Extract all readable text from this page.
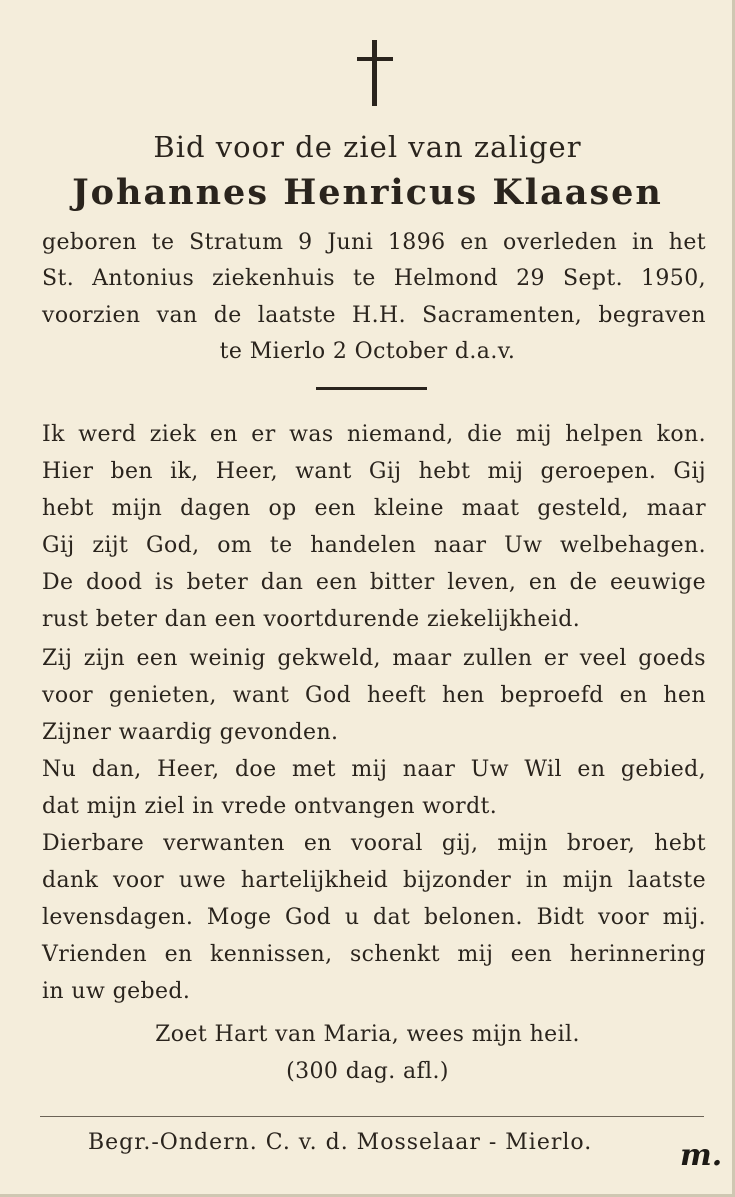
Bid voor de ziel van zaliger
Johannes Henricus Klaasen
geboren te Stratum 9 Juni 1896 en overleden in het
St. Antonius ziekenhuis te Helmond 29 Sept. 1950,
voorzien van de laatste H.H. Sacramenten, begraven
te Mierlo 2 October d.a.v.
Ik werd ziek en er was niemand, die mij helpen kon.
Hier ben ik, Heer, want Gij hebt mij geroepen. Gij
hebt mijn dagen op een kleine maat gesteld, maar
Gij zijt God, om te handelen naar Uw welbehagen.
De dood is beter dan een bitter leven, en de eeuwige
rust beter dan een voortdurende ziekelijkheid.
Zij zijn een weinig gekweld, maar zullen er veel goeds
voor genieten, want God heeft hen beproefd en hen
Zijner waardig gevonden.
Nu dan, Heer, doe met mij naar Uw Wil en gebied,
dat mijn ziel in vrede ontvangen wordt.
Dierbare verwanten en vooral gij, mijn broer, hebt
dank voor uwe hartelijkheid bijzonder in mijn laatste
levensdagen. Moge God u dat belonen. Bidt voor mij.
Vrienden en kennissen, schenkt mij een herinnering
in uw gebed.
Zoet Hart van Maria, wees mijn heil.
(300 dag. afl.)
Begr.-Ondern. C. v. d. Mosselaar - Mierlo.	m.
